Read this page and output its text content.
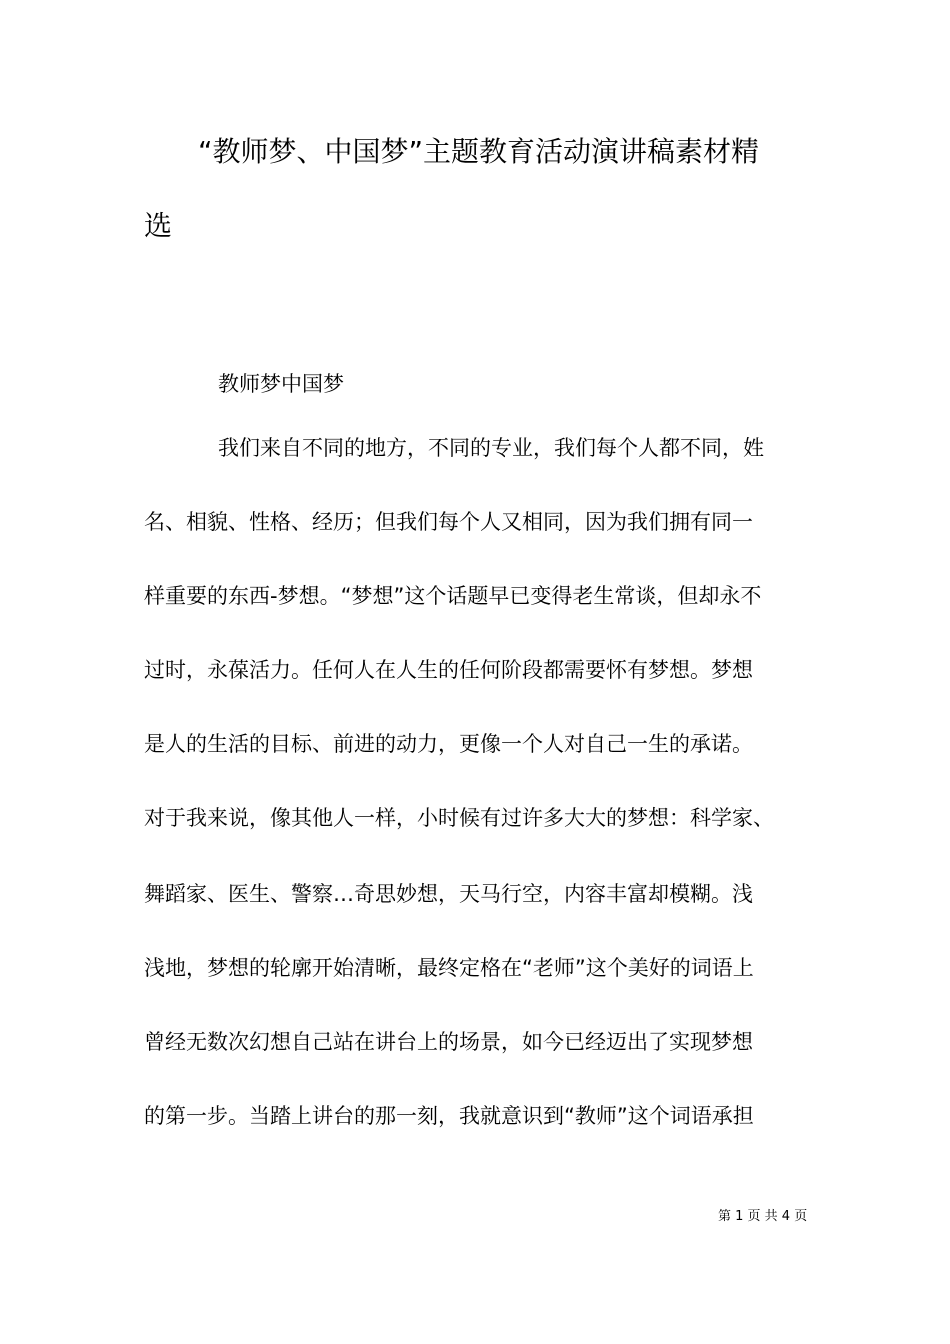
“教师梦、中国梦”主题教育活动演讲稿素材精
选
教师梦中国梦
我们来自不同的地方，不同的专业，我们每个人都不同，姓
名、相貌、性格、经历；但我们每个人又相同，因为我们拥有同一
样重要的东西-梦想。“梦想”这个话题早已变得老生常谈，但却永不
过时，永葆活力。任何人在人生的任何阶段都需要怀有梦想。梦想
是人的生活的目标、前进的动力，更像一个人对自己一生的承诺。
对于我来说，像其他人一样，小时候有过许多大大的梦想：科学家、
舞蹈家、医生、警察…奇思妙想，天马行空，内容丰富却模糊。浅
浅地，梦想的轮廓开始清晰，最终定格在“老师”这个美好的词语上
曾经无数次幻想自己站在讲台上的场景，如今已经迈出了实现梦想
的第一步。当踏上讲台的那一刻，我就意识到“教师”这个词语承担
第 1 页 共 4 页
